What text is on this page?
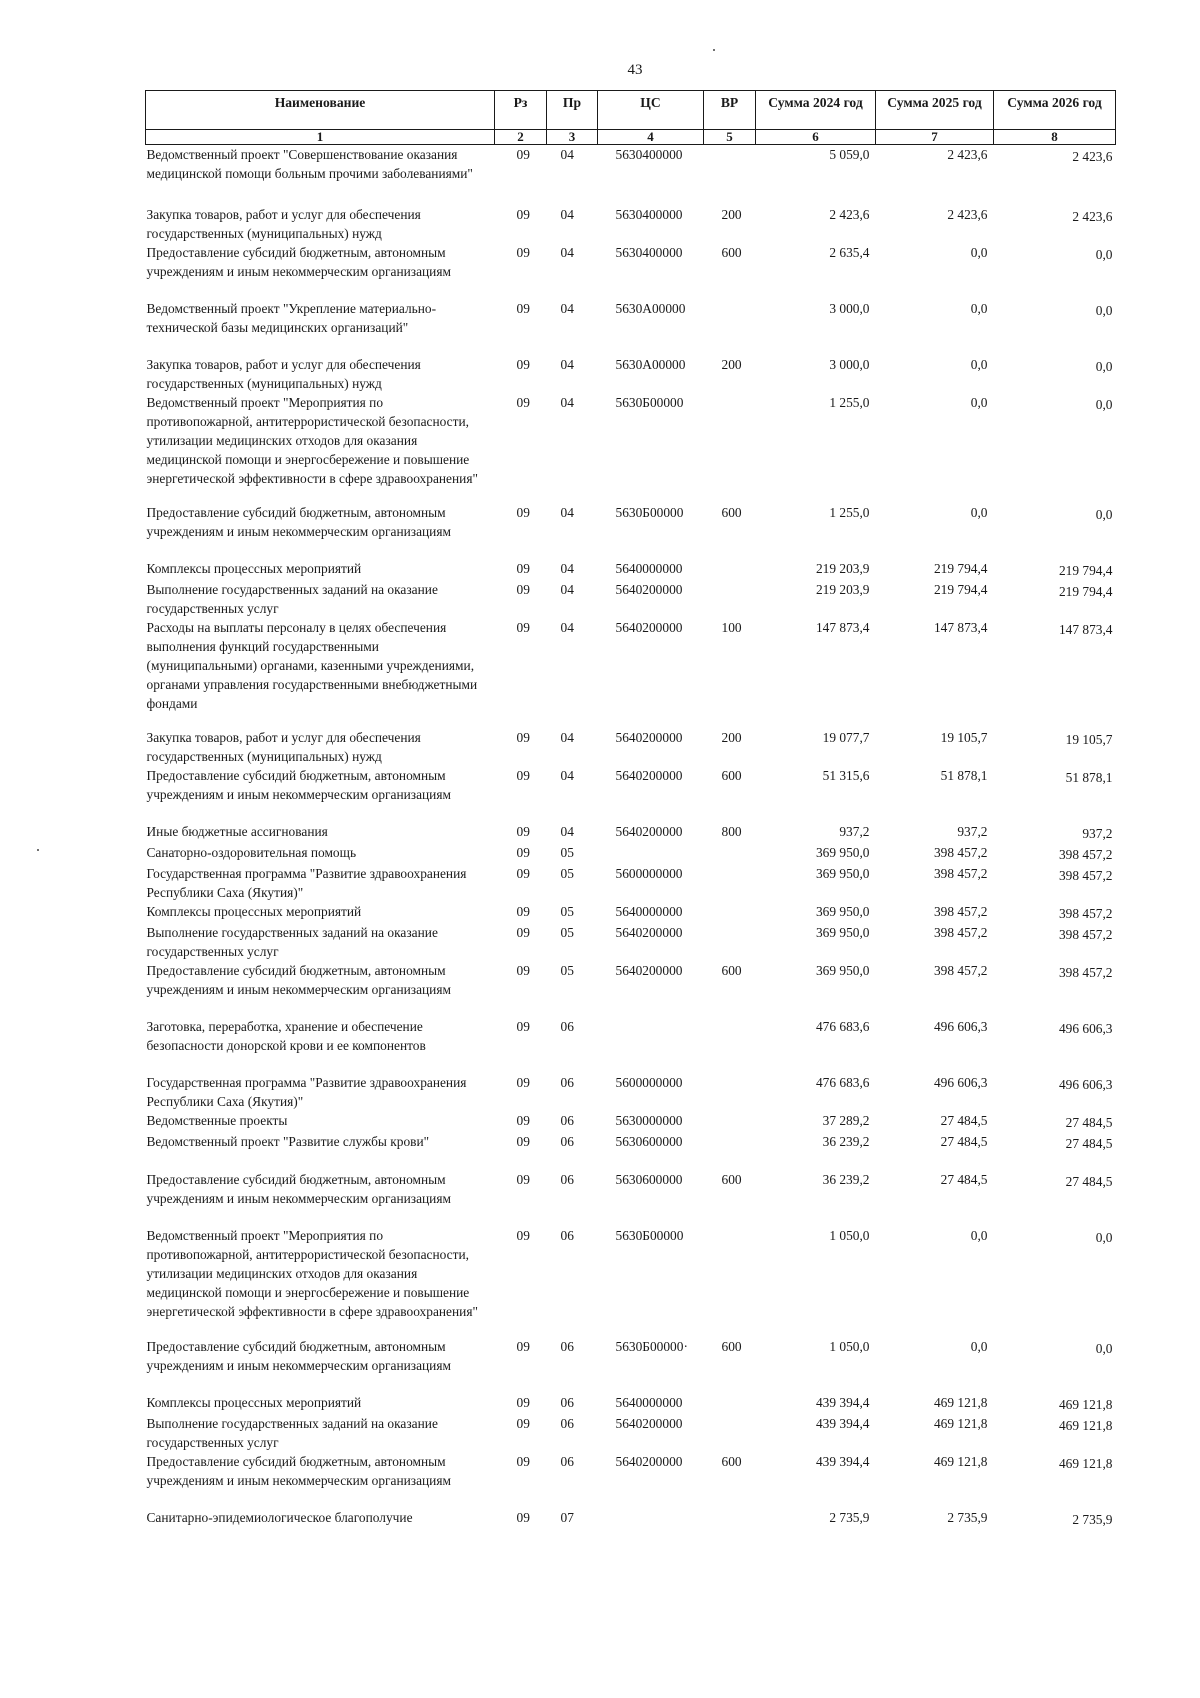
43
Наименование	Рз	Пр	ЦС	ВР	Сумма 2024 год	Сумма 2025 год	Сумма 2026 год
1	2	3	4	5	6	7	8
Ведомственный проект "Совершенствование оказания медицинской помощи больным прочими заболеваниями"	09	04	5630400000		5 059,0	2 423,6	2 423,6
Закупка товаров, работ и услуг для обеспечения государственных (муниципальных) нужд	09	04	5630400000	200	2 423,6	2 423,6	2 423,6
Предоставление субсидий бюджетным, автономным учреждениям и иным некоммерческим организациям	09	04	5630400000	600	2 635,4	0,0	0,0
Ведомственный проект "Укрепление материально-технической базы медицинских организаций"	09	04	5630А00000		3 000,0	0,0	0,0
Закупка товаров, работ и услуг для обеспечения государственных (муниципальных) нужд	09	04	5630А00000	200	3 000,0	0,0	0,0
Ведомственный проект "Мероприятия по противопожарной, антитеррористической безопасности, утилизации медицинских отходов для оказания медицинской помощи и энергосбережение и повышение энергетической эффективности в сфере здравоохранения"	09	04	5630Б00000		1 255,0	0,0	0,0
Предоставление субсидий бюджетным, автономным учреждениям и иным некоммерческим организациям	09	04	5630Б00000	600	1 255,0	0,0	0,0
Комплексы процессных мероприятий	09	04	5640000000		219 203,9	219 794,4	219 794,4
Выполнение государственных заданий на оказание государственных услуг	09	04	5640200000		219 203,9	219 794,4	219 794,4
Расходы на выплаты персоналу в целях обеспечения выполнения функций государственными (муниципальными) органами, казенными учреждениями, органами управления государственными внебюджетными фондами	09	04	5640200000	100	147 873,4	147 873,4	147 873,4
Закупка товаров, работ и услуг для обеспечения государственных (муниципальных) нужд	09	04	5640200000	200	19 077,7	19 105,7	19 105,7
Предоставление субсидий бюджетным, автономным учреждениям и иным некоммерческим организациям	09	04	5640200000	600	51 315,6	51 878,1	51 878,1
Иные бюджетные ассигнования	09	04	5640200000	800	937,2	937,2	937,2
Санаторно-оздоровительная помощь	09	05			369 950,0	398 457,2	398 457,2
Государственная программа "Развитие здравоохранения Республики Саха (Якутия)"	09	05	5600000000		369 950,0	398 457,2	398 457,2
Комплексы процессных мероприятий	09	05	5640000000		369 950,0	398 457,2	398 457,2
Выполнение государственных заданий на оказание государственных услуг	09	05	5640200000		369 950,0	398 457,2	398 457,2
Предоставление субсидий бюджетным, автономным учреждениям и иным некоммерческим организациям	09	05	5640200000	600	369 950,0	398 457,2	398 457,2
Заготовка, переработка, хранение и обеспечение безопасности донорской крови и ее компонентов	09	06			476 683,6	496 606,3	496 606,3
Государственная программа "Развитие здравоохранения Республики Саха (Якутия)"	09	06	5600000000		476 683,6	496 606,3	496 606,3
Ведомственные проекты	09	06	5630000000		37 289,2	27 484,5	27 484,5
Ведомственный проект "Развитие службы крови"	09	06	5630600000		36 239,2	27 484,5	27 484,5
Предоставление субсидий бюджетным, автономным учреждениям и иным некоммерческим организациям	09	06	5630600000	600	36 239,2	27 484,5	27 484,5
Ведомственный проект "Мероприятия по противопожарной, антитеррористической безопасности, утилизации медицинских отходов для оказания медицинской помощи и энергосбережение и повышение энергетической эффективности в сфере здравоохранения"	09	06	5630Б00000		1 050,0	0,0	0,0
Предоставление субсидий бюджетным, автономным учреждениям и иным некоммерческим организациям	09	06	5630Б00000·	600	1 050,0	0,0	0,0
Комплексы процессных мероприятий	09	06	5640000000		439 394,4	469 121,8	469 121,8
Выполнение государственных заданий на оказание государственных услуг	09	06	5640200000		439 394,4	469 121,8	469 121,8
Предоставление субсидий бюджетным, автономным учреждениям и иным некоммерческим организациям	09	06	5640200000	600	439 394,4	469 121,8	469 121,8
Санитарно-эпидемиологическое благополучие	09	07			2 735,9	2 735,9	2 735,9
